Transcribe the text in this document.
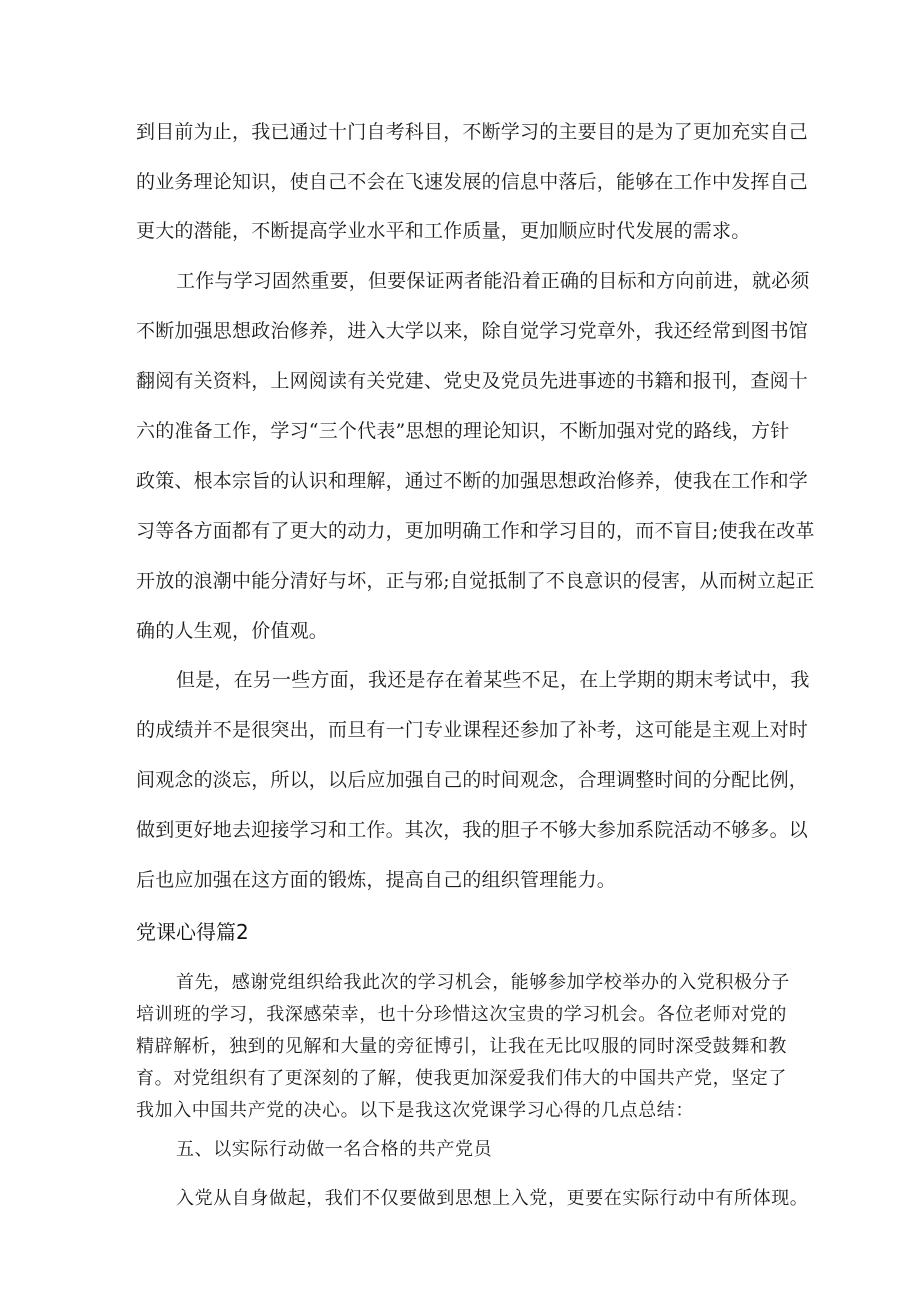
到目前为止，我已通过十门自考科目，不断学习的主要目的是为了更加充实自己
的业务理论知识，使自己不会在飞速发展的信息中落后，能够在工作中发挥自己
更大的潜能，不断提高学业水平和工作质量，更加顺应时代发展的需求。
工作与学习固然重要，但要保证两者能沿着正确的目标和方向前进，就必须
不断加强思想政治修养，进入大学以来，除自觉学习党章外，我还经常到图书馆
翻阅有关资料，上网阅读有关党建、党史及党员先进事迹的书籍和报刊，查阅十
六的准备工作，学习“三个代表”思想的理论知识，不断加强对党的路线，方针
政策、根本宗旨的认识和理解，通过不断的加强思想政治修养，使我在工作和学
习等各方面都有了更大的动力，更加明确工作和学习目的，而不盲目;使我在改革
开放的浪潮中能分清好与坏，正与邪;自觉抵制了不良意识的侵害，从而树立起正
确的人生观，价值观。
但是，在另一些方面，我还是存在着某些不足，在上学期的期末考试中，我
的成绩并不是很突出，而旦有一门专业课程还参加了补考，这可能是主观上对时
间观念的淡忘，所以，以后应加强自己的时间观念，合理调整时间的分配比例，
做到更好地去迎接学习和工作。其次，我的胆子不够大参加系院活动不够多。以
后也应加强在这方面的锻炼，提高自己的组织管理能力。
党课心得篇2
首先，感谢党组织给我此次的学习机会，能够参加学校举办的入党积极分子
培训班的学习，我深感荣幸，也十分珍惜这次宝贵的学习机会。各位老师对党的
精辟解析，独到的见解和大量的旁征博引，让我在无比叹服的同时深受鼓舞和教
育。对党组织有了更深刻的了解，使我更加深爱我们伟大的中国共产党，坚定了
我加入中国共产党的决心。以下是我这次党课学习心得的几点总结：
五、以实际行动做一名合格的共产党员
入党从自身做起，我们不仅要做到思想上入党，更要在实际行动中有所体现。
